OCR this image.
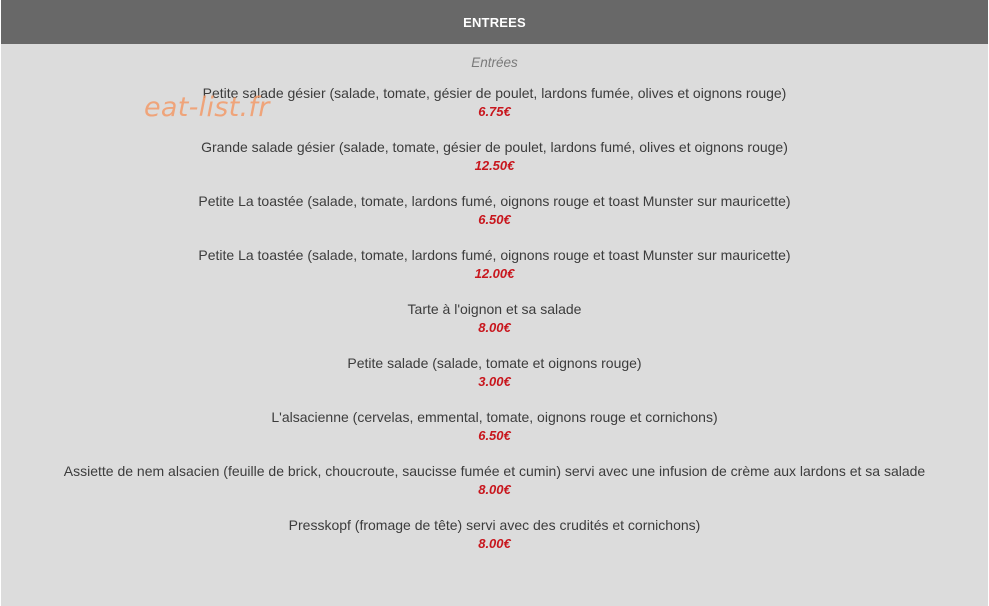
ENTREES
Entrées
Petite salade gésier (salade, tomate, gésier de poulet, lardons fumée, olives et oignons rouge)
6.75€
Grande salade gésier (salade, tomate, gésier de poulet, lardons fumé, olives et oignons rouge)
12.50€
Petite La toastée (salade, tomate, lardons fumé, oignons rouge et toast Munster sur mauricette)
6.50€
Petite La toastée (salade, tomate, lardons fumé, oignons rouge et toast Munster sur mauricette)
12.00€
Tarte à l'oignon et sa salade
8.00€
Petite salade (salade, tomate et oignons rouge)
3.00€
L'alsacienne (cervelas, emmental, tomate, oignons rouge et cornichons)
6.50€
Assiette de nem alsacien (feuille de brick, choucroute, saucisse fumée et cumin) servi avec une infusion de crème aux lardons et sa salade
8.00€
Presskopf (fromage de tête) servi avec des crudités et cornichons)
8.00€
eat-list.fr
